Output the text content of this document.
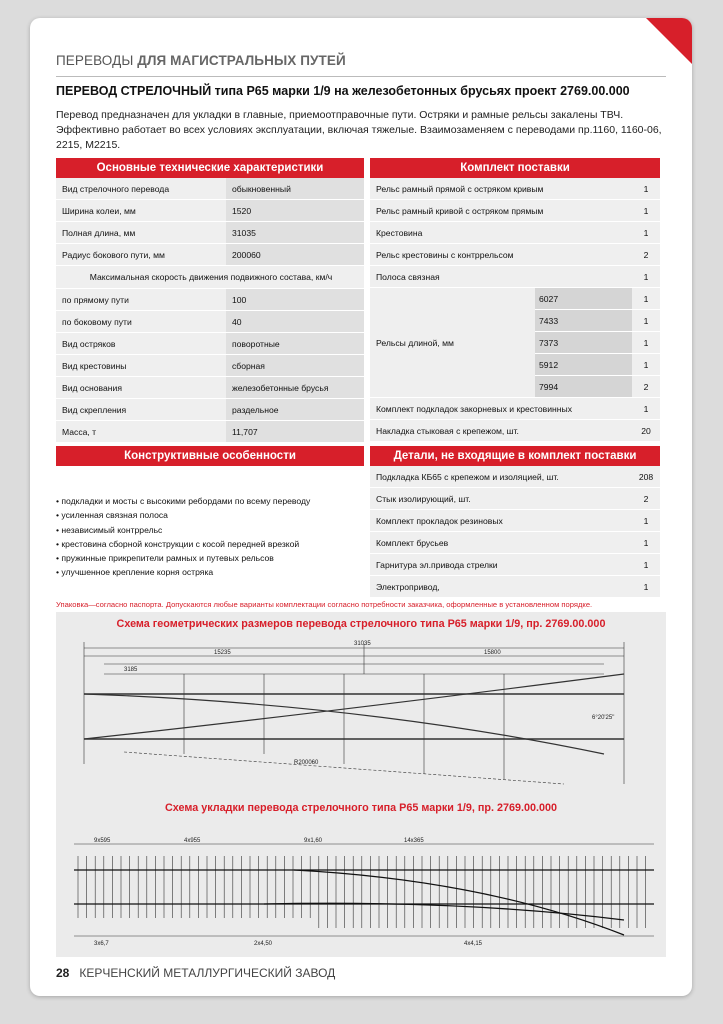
ПЕРЕВОДЫ ДЛЯ МАГИСТРАЛЬНЫХ ПУТЕЙ
ПЕРЕВОД СТРЕЛОЧНЫЙ типа Р65 марки 1/9 на железобетонных брусьях проект 2769.00.000
Перевод предназначен для укладки в главные, приемоотправочные пути. Остряки и рамные рельсы закалены ТВЧ. Эффективно работает во всех условиях эксплуатации, включая тяжелые. Взаимозаменяем с переводами пр.1160, 1160-06, 2215, М2215.
Основные технические характеристики
Вид стрелочного перевода	обыкновенный
Ширина колеи, мм	1520
Полная длина, мм	31035
Радиус бокового пути, мм	200060
Максимальная скорость движения подвижного состава, км/ч	
по прямому пути	100
по боковому пути	40
Вид остряков	поворотные
Вид крестовины	сборная
Вид основания	железобетонные брусья
Вид скрепления	раздельное
Масса, т	11,707
Комплект поставки
Рельс рамный прямой с остряком кривым		1
Рельс рамный кривой с остряком прямым		1
Крестовина		1
Рельс крестовины с контррельсом		2
Полоса связная		1
Рельсы длиной, мм	6027	1
	7433	1
	7373	1
	5912	1
	7994	2
Комплект подкладок закорневых и крестовинных		1
Накладка стыковая с крепежом, шт.		20
Конструктивные особенности
• подкладки и мосты с высокими ребордами по всему переводу
• усиленная связная полоса
• независимый контррельс
• крестовина сборной конструкции с косой передней врезкой
• пружинные прикрепители рамных и путевых рельсов
• улучшенное крепление корня остряка
Детали, не входящие в комплект поставки
Подкладка КБ65 с крепежом и изоляцией, шт.	208
Стык изолирующий, шт.	2
Комплект прокладок резиновых	1
Комплект брусьев	1
Гарнитура эл.привода стрелки	1
Электропривод,	1
Упаковка—согласно паспорта. Допускаются любые варианты комплектации согласно потребности заказчика, оформленные в установленном порядке.
Схема геометрических размеров перевода стрелочного типа Р65 марки 1/9, пр. 2769.00.000
31035
15235	15800
3185
R200060
6°20'25"
Схема укладки перевода стрелочного типа Р65 марки 1/9, пр. 2769.00.000
9x595	4x955	9x1,60	14x365
3x6,7	2x4,50	4x4,15
28 КЕРЧЕНСКИЙ МЕТАЛЛУРГИЧЕСКИЙ ЗАВОД
